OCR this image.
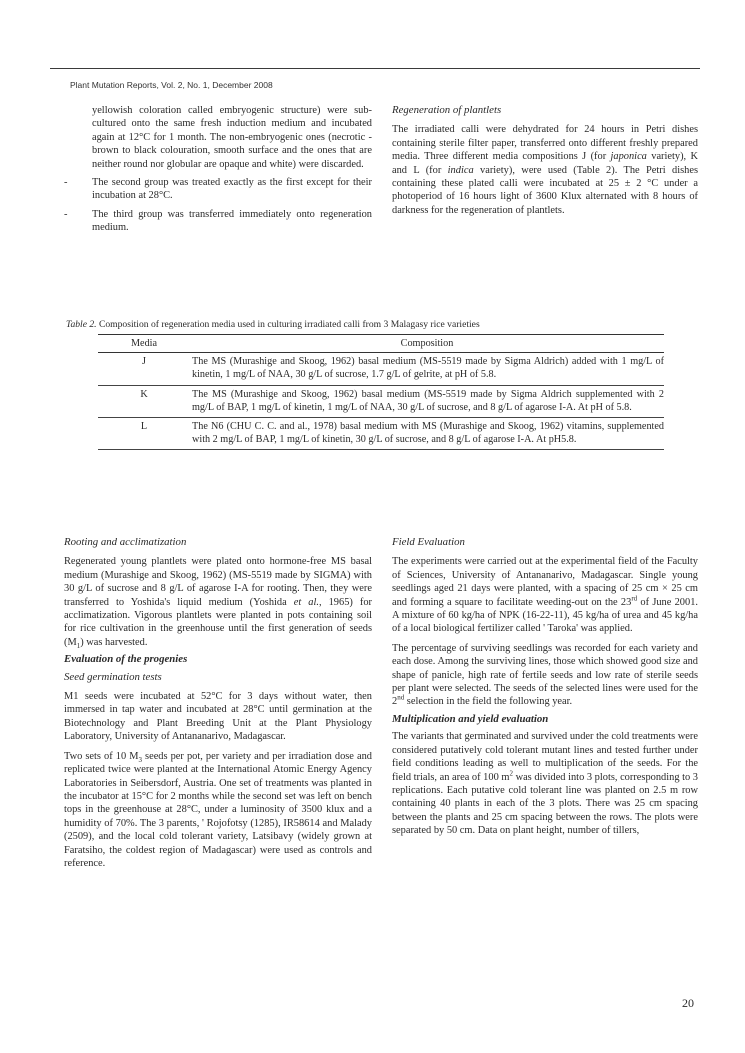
Plant Mutation Reports, Vol. 2, No. 1, December 2008

yellowish coloration called embryogenic structure) were sub-cultured onto the same fresh induction medium and incubated again at 12°C for 1 month. The non-embryogenic ones (necrotic - brown to black colouration, smooth surface and the ones that are neither round nor globular are opaque and white) were discarded.

- The second group was treated exactly as the first except for their incubation at 28°C.

- The third group was transferred immediately onto regeneration medium.

Regeneration of plantlets

The irradiated calli were dehydrated for 24 hours in Petri dishes containing sterile filter paper, transferred onto different freshly prepared media. Three different media compositions J (for japonica variety), K and L (for indica variety), were used (Table 2). The Petri dishes containing these plated calli were incubated at 25 ± 2 °C under a photoperiod of 16 hours light of 3600 Klux alternated with 8 hours of darkness for the regeneration of plantlets.

Table 2. Composition of regeneration media used in culturing irradiated calli from 3 Malagasy rice varieties
Media	Composition
J	The MS (Murashige and Skoog, 1962) basal medium (MS-5519 made by Sigma Aldrich) added with 1 mg/L of kinetin, 1 mg/L of NAA, 30 g/L of sucrose, 1.7 g/L of gelrite, at pH of 5.8.
K	The MS (Murashige and Skoog, 1962) basal medium (MS-5519 made by Sigma Aldrich supplemented with 2 mg/L of BAP, 1 mg/L of kinetin, 1 mg/L of NAA, 30 g/L of sucrose, and 8 g/L of agarose I-A. At pH of 5.8.
L	The N6 (CHU C. C. and al., 1978) basal medium with MS (Murashige and Skoog, 1962) vitamins, supplemented with 2 mg/L of BAP, 1 mg/L of kinetin, 30 g/L of sucrose, and 8 g/L of agarose I-A. At pH5.8.
Rooting and acclimatization

Regenerated young plantlets were plated onto hormone-free MS basal medium (Murashige and Skoog, 1962) (MS-5519 made by SIGMA) with 30 g/L of sucrose and 8 g/L of agarose I-A for rooting. Then, they were transferred to Yoshida's liquid medium (Yoshida et al., 1965) for acclimatization. Vigorous plantlets were planted in pots containing soil for rice cultivation in the greenhouse until the first generation of seeds $(M_1)$ was harvested.

Evaluation of the progenies
Seed germination tests

M1 seeds were incubated at 52°C for 3 days without water, then immersed in tap water and incubated at 28°C until germination at the Biotechnology and Plant Breeding Unit at the Plant Physiology Laboratory, University of Antananarivo, Madagascar.

Two sets of 10 $M_3$ seeds per pot, per variety and per irradiation dose and replicated twice were planted at the International Atomic Energy Agency Laboratories in Seibersdorf, Austria. One set of treatments was planted in the incubator at 15°C for 2 months while the second set was left on bench tops in the greenhouse at 28°C, under a luminosity of 3500 klux and a humidity of 70%. The 3 parents, ' Rojofotsy (1285), IR58614 and Malady (2509), and the local cold tolerant variety, Latsibavy (widely grown at Faratsiho, the coldest region of Madagascar) were used as controls and reference.

Field Evaluation

The experiments were carried out at the experimental field of the Faculty of Sciences, University of Antananarivo, Madagascar. Single young seedlings aged 21 days were planted, with a spacing of 25 cm × 25 cm and forming a square to facilitate weeding-out on the 23rd of June 2001. A mixture of 60 kg/ha of NPK (16-22-11), 45 kg/ha of urea and 45 kg/ha of a local biological fertilizer called ' Taroka' was applied.

The percentage of surviving seedlings was recorded for each variety and each dose. Among the surviving lines, those which showed good size and shape of panicle, high rate of fertile seeds and low rate of sterile seeds per plant were selected. The seeds of the selected lines were used for the 2nd selection in the field the following year.

Multiplication and yield evaluation

The variants that germinated and survived under the cold treatments were considered putatively cold tolerant mutant lines and tested further under field conditions leading as well to multiplication of the seeds. For the field trials, an area of 100 $m^2$ was divided into 3 plots, corresponding to 3 replications. Each putative cold tolerant line was planted on 2.5 m row containing 40 plants in each of the 3 plots. There was 25 cm spacing between the plants and 25 cm spacing between the rows. The plots were separated by 50 cm. Data on plant height, number of tillers,

20
